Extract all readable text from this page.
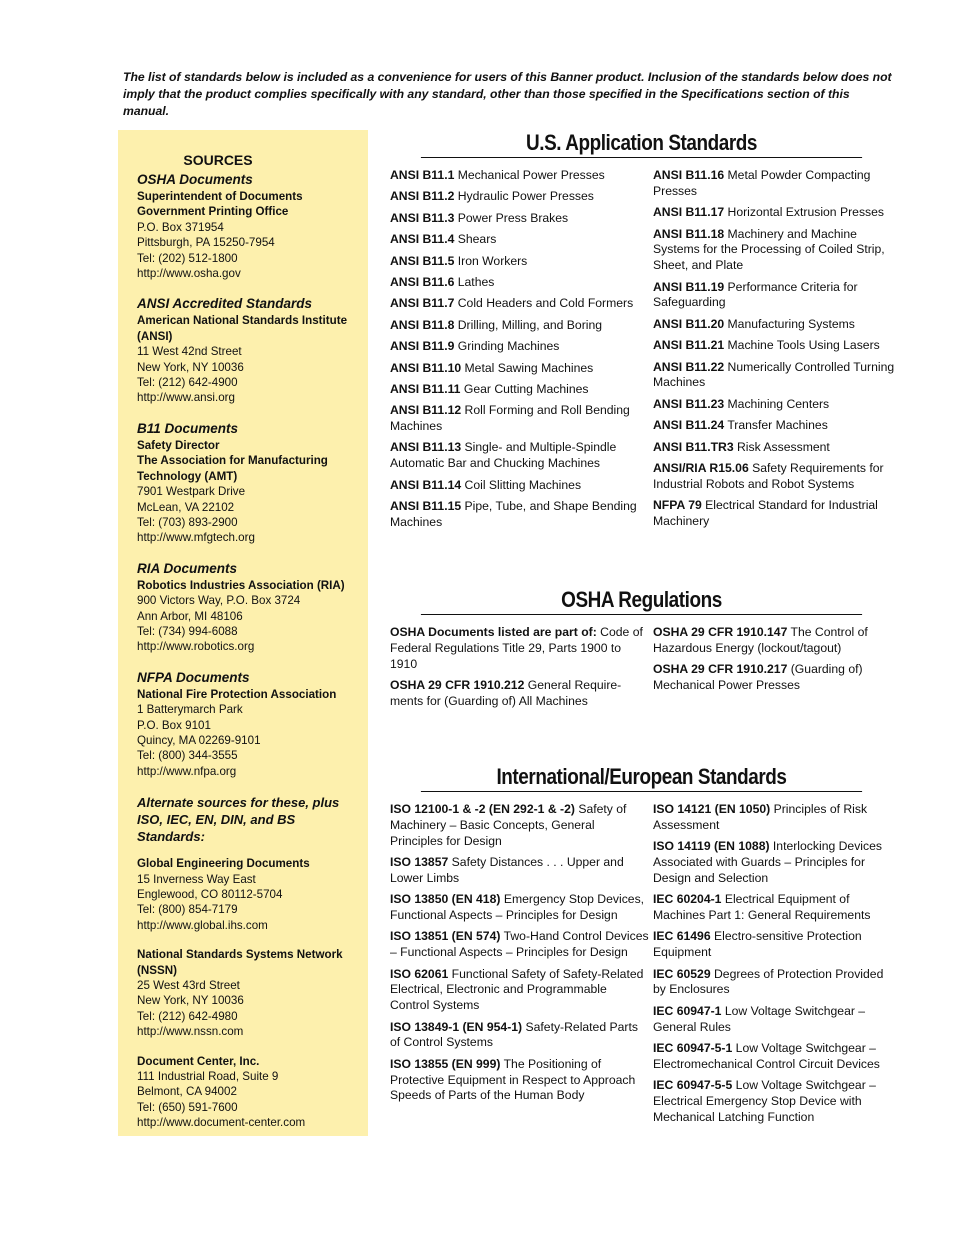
The list of standards below is included as a convenience for users of this Banner product. Inclusion of the standards below does not imply that the product complies specifically with any standard, other than those specified in the Specifications section of this manual.
SOURCES
OSHA Documents
Superintendent of Documents
Government Printing Office
P.O. Box 371954
Pittsburgh, PA 15250-7954
Tel: (202) 512-1800
http://www.osha.gov
ANSI Accredited Standards
American National Standards Institute (ANSI)
11 West 42nd Street
New York, NY 10036
Tel: (212) 642-4900
http://www.ansi.org
B11 Documents
Safety Director
The Association for Manufacturing
Technology (AMT)
7901 Westpark Drive
McLean, VA 22102
Tel: (703) 893-2900
http://www.mfgtech.org
RIA Documents
Robotics Industries Association (RIA)
900 Victors Way, P.O. Box 3724
Ann Arbor, MI 48106
Tel: (734) 994-6088
http://www.robotics.org
NFPA Documents
National Fire Protection Association
1 Batterymarch Park
P.O. Box 9101
Quincy, MA 02269-9101
Tel: (800) 344-3555
http://www.nfpa.org
Alternate sources for these, plus ISO, IEC, EN, DIN, and BS Standards:
Global Engineering Documents
15 Inverness Way East
Englewood, CO 80112-5704
Tel: (800) 854-7179
http://www.global.ihs.com
National Standards Systems Network
(NSSN)
25 West 43rd Street
New York, NY 10036
Tel: (212) 642-4980
http://www.nssn.com
Document Center, Inc.
111 Industrial Road, Suite 9
Belmont, CA 94002
Tel: (650) 591-7600
http://www.document-center.com
U.S. Application Standards
ANSI B11.1 Mechanical Power Presses
ANSI B11.2 Hydraulic Power Presses
ANSI B11.3 Power Press Brakes
ANSI B11.4 Shears
ANSI B11.5 Iron Workers
ANSI B11.6 Lathes
ANSI B11.7 Cold Headers and Cold Formers
ANSI B11.8 Drilling, Milling, and Boring
ANSI B11.9 Grinding Machines
ANSI B11.10 Metal Sawing Machines
ANSI B11.11 Gear Cutting Machines
ANSI B11.12 Roll Forming and Roll Bending Machines
ANSI B11.13 Single- and Multiple-Spindle Automatic Bar and Chucking Machines
ANSI B11.14 Coil Slitting Machines
ANSI B11.15 Pipe, Tube, and Shape Bending Machines
ANSI B11.16 Metal Powder Compacting Presses
ANSI B11.17 Horizontal Extrusion Presses
ANSI B11.18 Machinery and Machine Systems for the Processing of Coiled Strip, Sheet, and Plate
ANSI B11.19 Performance Criteria for Safeguarding
ANSI B11.20 Manufacturing Systems
ANSI B11.21 Machine Tools Using Lasers
ANSI B11.22 Numerically Controlled Turning Machines
ANSI B11.23 Machining Centers
ANSI B11.24 Transfer Machines
ANSI B11.TR3 Risk Assessment
ANSI/RIA R15.06 Safety Requirements for Industrial Robots and Robot Systems
NFPA 79 Electrical Standard for Industrial Machinery
OSHA Regulations
OSHA Documents listed are part of: Code of Federal Regulations Title 29, Parts 1900 to 1910
OSHA 29 CFR 1910.212 General Require-ments for (Guarding of) All Machines
OSHA 29 CFR 1910.147 The Control of Hazardous Energy (lockout/tagout)
OSHA 29 CFR 1910.217 (Guarding of) Mechanical Power Presses
International/European Standards
ISO 12100-1 & -2 (EN 292-1 & -2) Safety of Machinery – Basic Concepts, General Principles for Design
ISO 13857 Safety Distances . . . Upper and Lower Limbs
ISO 13850 (EN 418) Emergency Stop Devices, Functional Aspects – Principles for Design
ISO 13851 (EN 574) Two-Hand Control Devices – Functional Aspects – Principles for Design
ISO 62061 Functional Safety of Safety-Related Electrical, Electronic and Programmable Control Systems
ISO 13849-1 (EN 954-1) Safety-Related Parts of Control Systems
ISO 13855 (EN 999) The Positioning of Protective Equipment in Respect to Approach Speeds of Parts of the Human Body
ISO 14121 (EN 1050) Principles of Risk Assessment
ISO 14119 (EN 1088) Interlocking Devices Associated with Guards – Principles for Design and Selection
IEC 60204-1 Electrical Equipment of Machines Part 1: General Requirements
IEC 61496 Electro-sensitive Protection Equipment
IEC 60529 Degrees of Protection Provided by Enclosures
IEC 60947-1 Low Voltage Switchgear – General Rules
IEC 60947-5-1 Low Voltage Switchgear – Electromechanical Control Circuit Devices
IEC 60947-5-5 Low Voltage Switchgear – Electrical Emergency Stop Device with Mechanical Latching Function
